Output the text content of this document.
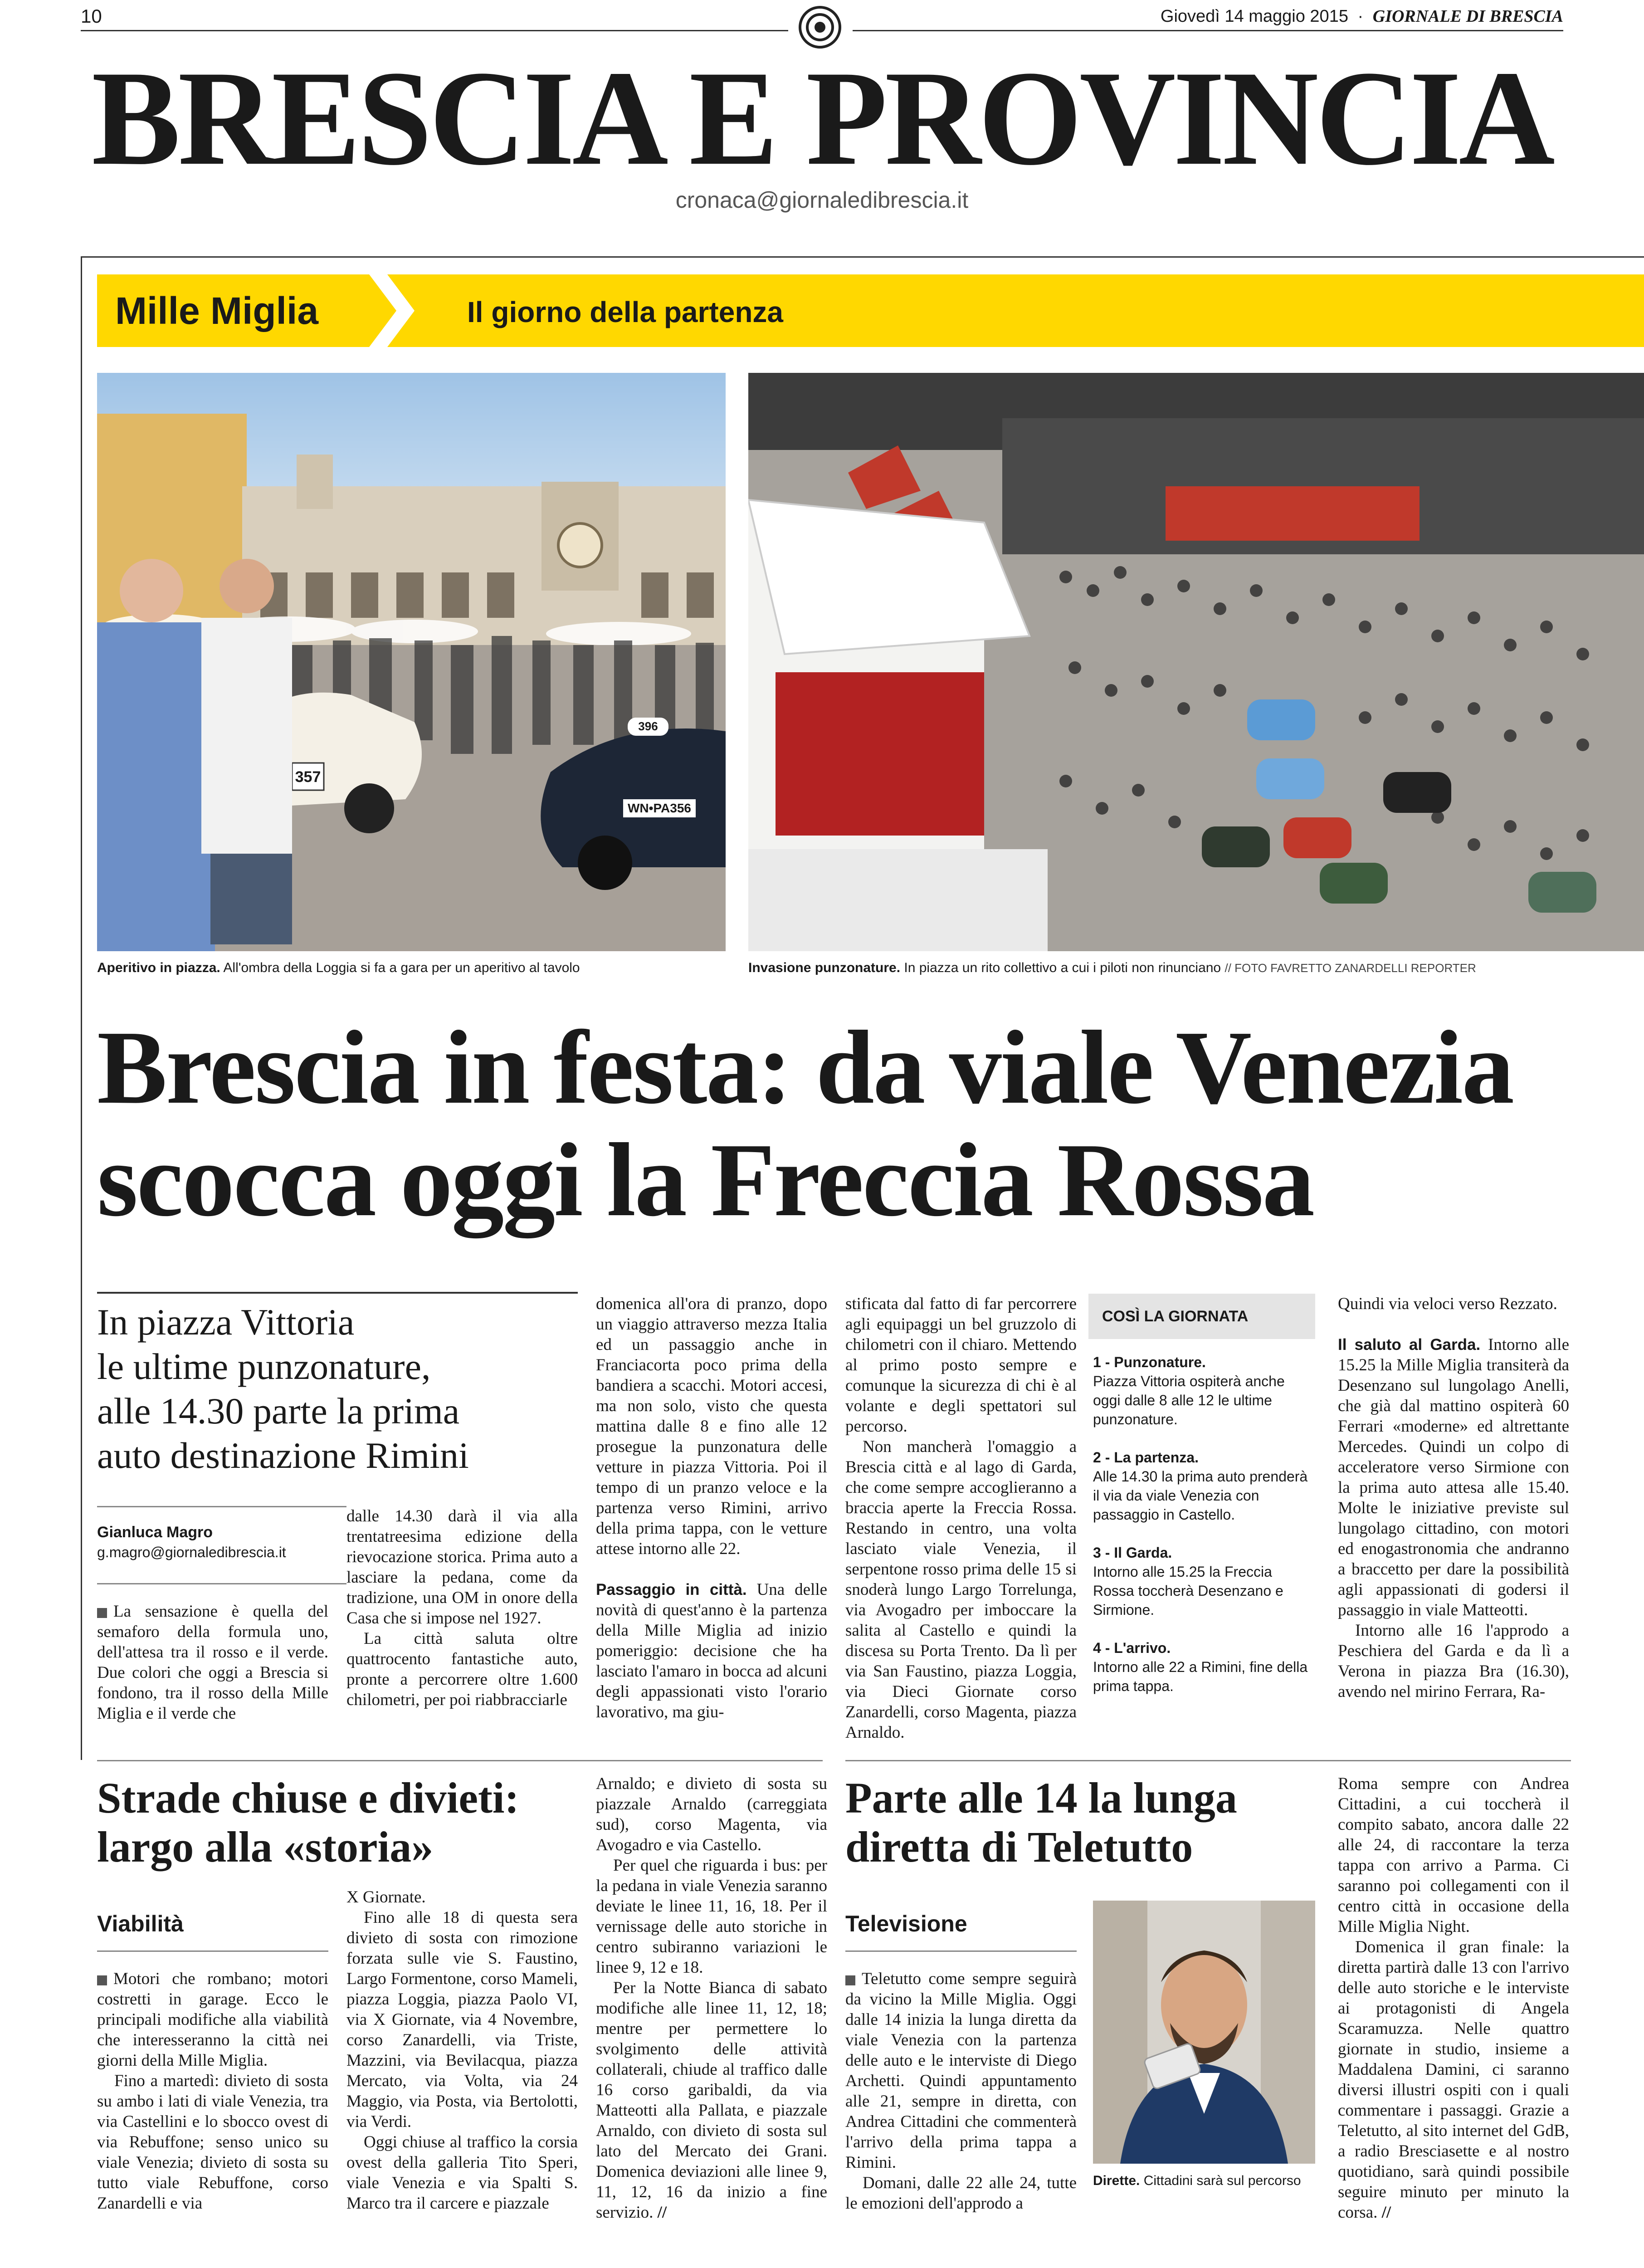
10	Giovedì 14 maggio 2015 · GIORNALE DI BRESCIA
BRESCIA E PROVINCIA
cronaca@giornaledibrescia.it
Mille Miglia	Il giorno della partenza
357
WN•PA356
396
Aperitivo in piazza. All'ombra della Loggia si fa a gara per un aperitivo al tavolo	Invasione punzonature. In piazza un rito collettivo a cui i piloti non rinunciano // FOTO FAVRETTO ZANARDELLI REPORTER
Brescia in festa: da viale Venezia
scocca oggi la Freccia Rossa
In piazza Vittoria
le ultime punzonature,
alle 14.30 parte la prima
auto destinazione Rimini
Gianluca Magro
g.magro@giornaledibrescia.it

La sensazione è quella del semaforo della formula uno, dell'attesa tra il rosso e il verde. Due colori che oggi a Brescia si fondono, tra il rosso della Mille Miglia e il verde che

dalle 14.30 darà il via alla trentatreesima edizione della rievocazione storica. Prima auto a lasciare la pedana, come da tradizione, una OM in onore della Casa che si impose nel 1927.

La città saluta oltre quattrocento fantastiche auto, pronte a percorrere oltre 1.600 chilometri, per poi riabbracciarle

domenica all'ora di pranzo, dopo un viaggio attraverso mezza Italia ed un passaggio anche in Franciacorta poco prima della bandiera a scacchi. Motori accesi, ma non solo, visto che questa mattina dalle 8 e fino alle 12 prosegue la punzonatura delle vetture in piazza Vittoria. Poi il tempo di un pranzo veloce e la partenza verso Rimini, arrivo della prima tappa, con le vetture attese intorno alle 22.

Passaggio in città. Una delle novità di quest'anno è la partenza della Mille Miglia ad inizio pomeriggio: decisione che ha lasciato l'amaro in bocca ad alcuni degli appassionati visto l'orario lavorativo, ma giu-

stificata dal fatto di far percorrere agli equipaggi un bel gruzzolo di chilometri con il chiaro. Mettendo al primo posto sempre e comunque la sicurezza di chi è al volante e degli spettatori sul percorso.

Non mancherà l'omaggio a Brescia città e al lago di Garda, che come sempre accoglieranno a braccia aperte la Freccia Rossa. Restando in centro, una volta lasciato viale Venezia, il serpentone rosso prima delle 15 si snoderà lungo Largo Torrelunga, via Avogadro per imboccare la salita al Castello e quindi la discesa su Porta Trento. Da lì per via San Faustino, piazza Loggia, via Dieci Giornate corso Zanardelli, corso Magenta, piazza Arnaldo.

COSÌ LA GIORNATA
1 - Punzonature.
Piazza Vittoria ospiterà anche oggi dalle 8 alle 12 le ultime punzonature.
2 - La partenza.
Alle 14.30 la prima auto prenderà il via da viale Venezia con passaggio in Castello.
3 - Il Garda.
Intorno alle 15.25 la Freccia Rossa toccherà Desenzano e Sirmione.
4 - L'arrivo.
Intorno alle 22 a Rimini, fine della prima tappa.

Quindi via veloci verso Rezzato.

Il saluto al Garda. Intorno alle 15.25 la Mille Miglia transiterà da Desenzano sul lungolago Anelli, che già dal mattino ospiterà 60 Ferrari «moderne» ed altrettante Mercedes. Quindi un colpo di acceleratore verso Sirmione con la prima auto attesa alle 15.40. Molte le iniziative previste sul lungolago cittadino, con motori ed enogastronomia che andranno a braccetto per dare la possibilità agli appassionati di godersi il passaggio in viale Matteotti.

Intorno alle 16 l'approdo a Peschiera del Garda e da lì a Verona in piazza Bra (16.30), avendo nel mirino Ferrara, Ra-

Strade chiuse e divieti:
largo alla «storia»
Viabilità

Motori che rombano; motori costretti in garage. Ecco le principali modifiche alla viabilità che interesseranno la città nei giorni della Mille Miglia.

Fino a martedì: divieto di sosta su ambo i lati di viale Venezia, tra via Castellini e lo sbocco ovest di via Rebuffone; senso unico su viale Venezia; divieto di sosta su tutto viale Rebuffone, corso Zanardelli e via

X Giornate.

Fino alle 18 di questa sera divieto di sosta con rimozione forzata sulle vie S. Faustino, Largo Formentone, corso Mameli, piazza Loggia, piazza Paolo VI, via X Giornate, via 4 Novembre, corso Zanardelli, via Triste, Mazzini, via Bevilacqua, piazza Mercato, via Volta, via 24 Maggio, via Posta, via Bertolotti, via Verdi.

Oggi chiuse al traffico la corsia ovest della galleria Tito Speri, viale Venezia e via Spalti S. Marco tra il carcere e piazzale

Arnaldo; e divieto di sosta su piazzale Arnaldo (carreggiata sud), corso Magenta, via Avogadro e via Castello.

Per quel che riguarda i bus: per la pedana in viale Venezia saranno deviate le linee 11, 16, 18. Per il vernissage delle auto storiche in centro subiranno variazioni le linee 9, 12 e 18.

Per la Notte Bianca di sabato modifiche alle linee 11, 12, 18; mentre per permettere lo svolgimento delle attività collaterali, chiude al traffico dalle 16 corso garibaldi, da via Matteotti alla Pallata, e piazzale Arnaldo, con divieto di sosta sul lato del Mercato dei Grani. Domenica deviazioni alle linee 9, 11, 12, 16 da inizio a fine servizio. //

Parte alle 14 la lunga
diretta di Teletutto
Televisione

Teletutto come sempre seguirà da vicino la Mille Miglia. Oggi dalle 14 inizia la lunga diretta da viale Venezia con la partenza delle auto e le interviste di Diego Archetti. Quindi appuntamento alle 21, sempre in diretta, con Andrea Cittadini che commenterà l'arrivo della prima tappa a Rimini.

Domani, dalle 22 alle 24, tutte le emozioni dell'approdo a

Dirette. Cittadini sarà sul percorso

Roma sempre con Andrea Cittadini, a cui toccherà il compito sabato, ancora dalle 22 alle 24, di raccontare la terza tappa con arrivo a Parma. Ci saranno poi collegamenti con il centro città in occasione della Mille Miglia Night.

Domenica il gran finale: la diretta partirà dalle 13 con l'arrivo delle auto storiche e le interviste ai protagonisti di Angela Scaramuzza. Nelle quattro giornate in studio, insieme a Maddalena Damini, ci saranno diversi illustri ospiti con i quali commentare i passaggi. Grazie a Teletutto, al sito internet del GdB, a radio Bresciasette e al nostro quotidiano, sarà quindi possibile seguire minuto per minuto la corsa. //
